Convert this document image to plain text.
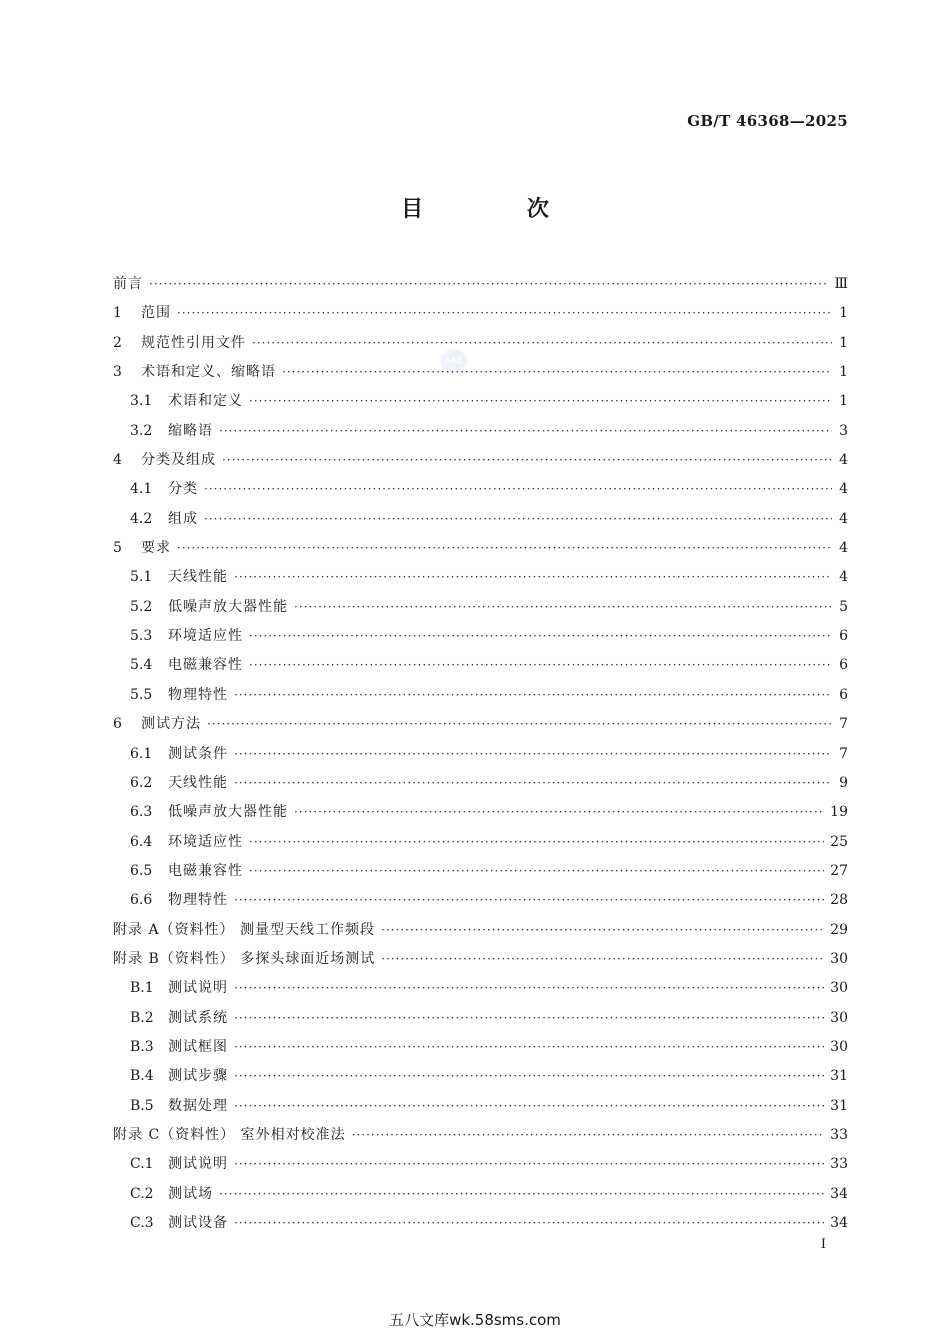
GB/T 46368—2025
目 次
SAC
前言 ·····	Ⅲ
1	范围 ·····	1
2	规范性引用文件 ·····	1
3	术语和定义、缩略语 ·····	1
3.1	术语和定义 ·····	1
3.2	缩略语 ·····	3
4	分类及组成 ·····	4
4.1	分类 ·····	4
4.2	组成 ·····	4
5	要求 ·····	4
5.1	天线性能 ·····	4
5.2	低噪声放大器性能 ·····	5
5.3	环境适应性 ·····	6
5.4	电磁兼容性 ·····	6
5.5	物理特性 ·····	6
6	测试方法 ·····	7
6.1	测试条件 ·····	7
6.2	天线性能 ·····	9
6.3	低噪声放大器性能 ·····	19
6.4	环境适应性 ·····	25
6.5	电磁兼容性 ·····	27
6.6	物理特性 ·····	28
附录 A（资料性） 测量型天线工作频段 ·····	29
附录 B（资料性） 多探头球面近场测试 ·····	30
B.1	测试说明 ·····	30
B.2	测试系统 ·····	30
B.3	测试框图 ·····	30
B.4	测试步骤 ·····	31
B.5	数据处理 ·····	31
附录 C（资料性） 室外相对校准法 ·····	33
C.1	测试说明 ·····	33
C.2	测试场 ·····	34
C.3	测试设备 ·····	34
I
五八文库wk.58sms.com
